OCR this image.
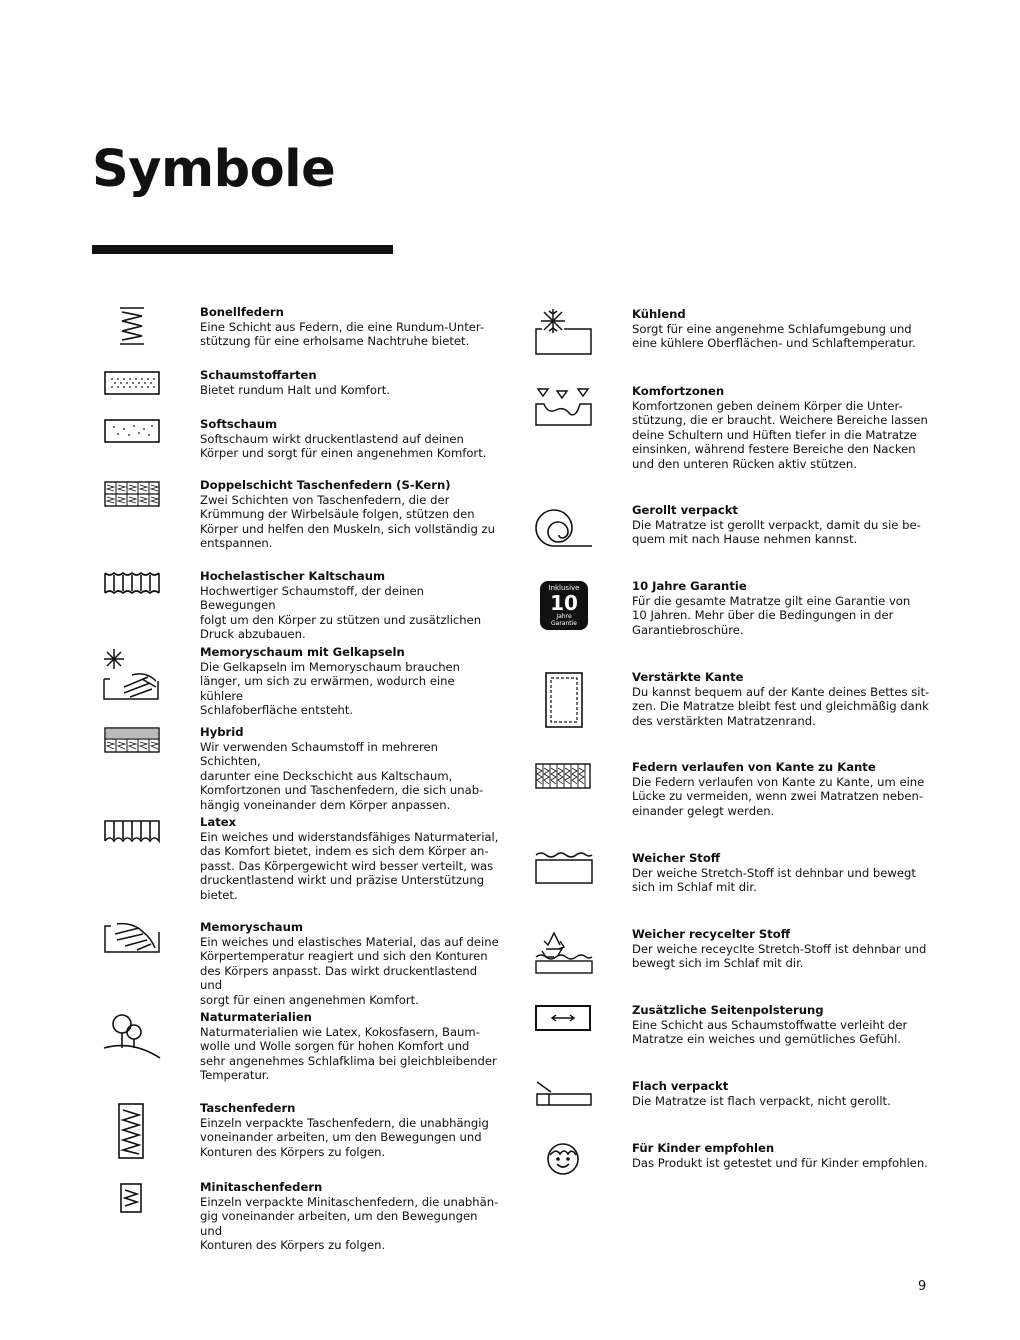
Symbole
Bonellfedern
Eine Schicht aus Federn, die eine Rundum-Unter-
stützung für eine erholsame Nachtruhe bietet.
Schaumstoffarten
Bietet rundum Halt und Komfort.
Softschaum
Softschaum wirkt druckentlastend auf deinen
Körper und sorgt für einen angenehmen Komfort.
Doppelschicht Taschenfedern (S-Kern)
Zwei Schichten von Taschenfedern, die der
Krümmung der Wirbelsäule folgen, stützen den
Körper und helfen den Muskeln, sich vollständig zu
entspannen.
Hochelastischer Kaltschaum
Hochwertiger Schaumstoff, der deinen Bewegungen
folgt um den Körper zu stützen und zusätzlichen
Druck abzubauen.
Memoryschaum mit Gelkapseln
Die Gelkapseln im Memoryschaum brauchen
länger, um sich zu erwärmen, wodurch eine kühlere
Schlafoberfläche entsteht.
Hybrid
Wir verwenden Schaumstoff in mehreren Schichten,
darunter eine Deckschicht aus Kaltschaum,
Komfortzonen und Taschenfedern, die sich unab-
hängig voneinander dem Körper anpassen.
Latex
Ein weiches und widerstandsfähiges Naturmaterial,
das Komfort bietet, indem es sich dem Körper an-
passt. Das Körpergewicht wird besser verteilt, was
druckentlastend wirkt und präzise Unterstützung
bietet.
Memoryschaum
Ein weiches und elastisches Material, das auf deine
Körpertemperatur reagiert und sich den Konturen
des Körpers anpasst. Das wirkt druckentlastend und
sorgt für einen angenehmen Komfort.
Naturmaterialien
Naturmaterialien wie Latex, Kokosfasern, Baum-
wolle und Wolle sorgen für hohen Komfort und
sehr angenehmes Schlafklima bei gleichbleibender
Temperatur.
Taschenfedern
Einzeln verpackte Taschenfedern, die unabhängig
voneinander arbeiten, um den Bewegungen und
Konturen des Körpers zu folgen.
Minitaschenfedern
Einzeln verpackte Minitaschenfedern, die unabhän-
gig voneinander arbeiten, um den Bewegungen und
Konturen des Körpers zu folgen.
Kühlend
Sorgt für eine angenehme Schlafumgebung und
eine kühlere Oberflächen- und Schlaftemperatur.
Komfortzonen
Komfortzonen geben deinem Körper die Unter-
stützung, die er braucht. Weichere Bereiche lassen
deine Schultern und Hüften tiefer in die Matratze
einsinken, während festere Bereiche den Nacken
und den unteren Rücken aktiv stützen.
Gerollt verpackt
Die Matratze ist gerollt verpackt, damit du sie be-
quem mit nach Hause nehmen kannst.
Inklusive
10
Jahre
Garantie
10 Jahre Garantie
Für die gesamte Matratze gilt eine Garantie von
10 Jahren. Mehr über die Bedingungen in der
Garantiebroschüre.
Verstärkte Kante
Du kannst bequem auf der Kante deines Bettes sit-
zen. Die Matratze bleibt fest und gleichmäßig dank
des verstärkten Matratzenrand.
Federn verlaufen von Kante zu Kante
Die Federn verlaufen von Kante zu Kante, um eine
Lücke zu vermeiden, wenn zwei Matratzen neben-
einander gelegt werden.
Weicher Stoff
Der weiche Stretch-Stoff ist dehnbar und bewegt
sich im Schlaf mit dir.
Weicher recycelter Stoff
Der weiche receycIte Stretch-Stoff ist dehnbar und
bewegt sich im Schlaf mit dir.
Zusätzliche Seitenpolsterung
Eine Schicht aus Schaumstoffwatte verleiht der
Matratze ein weiches und gemütliches Gefühl.
Flach verpackt
Die Matratze ist flach verpackt, nicht gerollt.
Für Kinder empfohlen
Das Produkt ist getestet und für Kinder empfohlen.
9
